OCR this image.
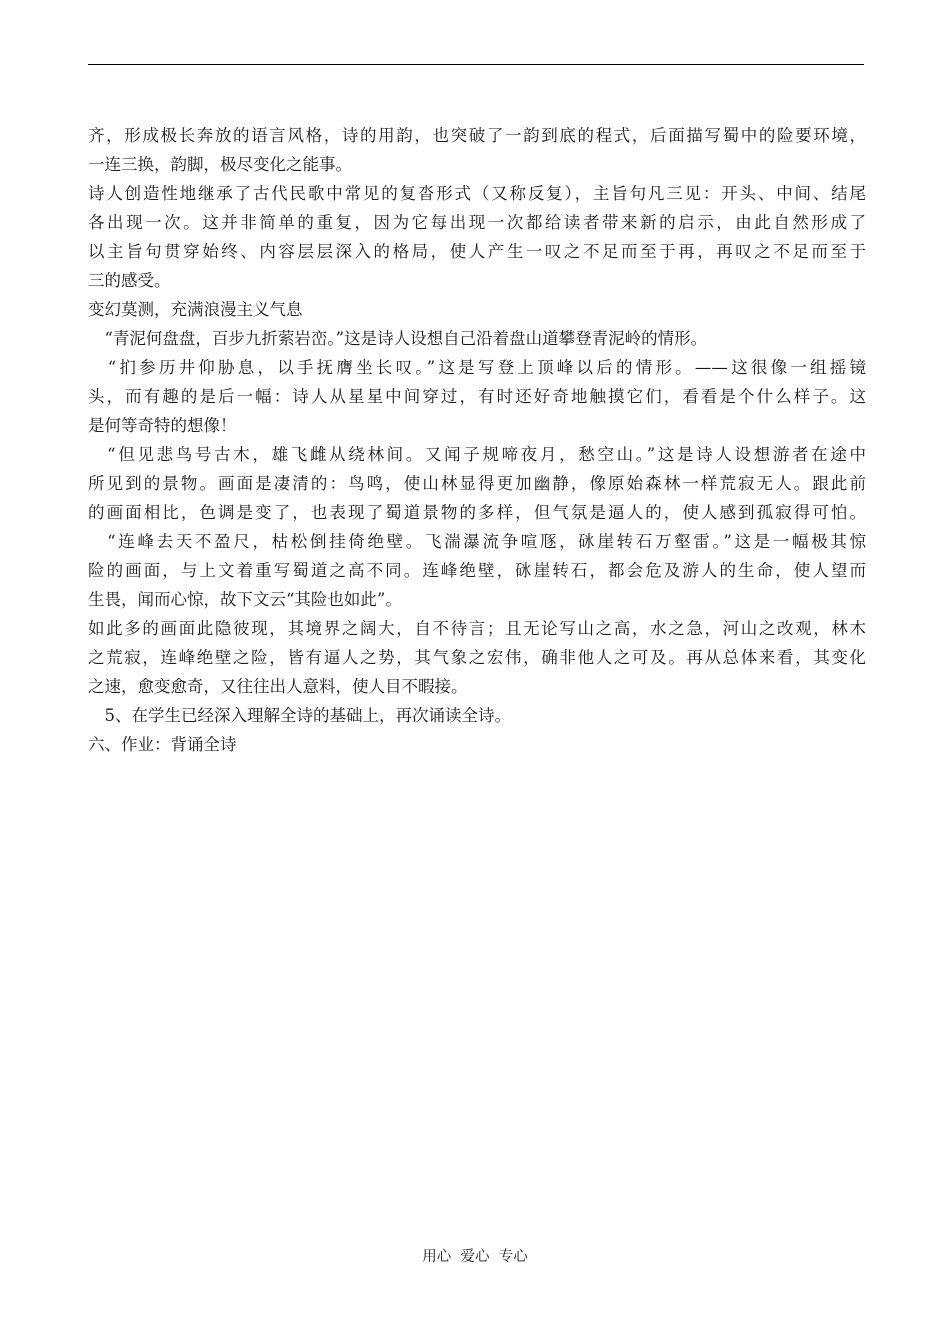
齐，形成极长奔放的语言风格，诗的用韵，也突破了一韵到底的程式，后面描写蜀中的险要环境，
一连三换，韵脚，极尽变化之能事。
诗人创造性地继承了古代民歌中常见的复沓形式（又称反复），主旨句凡三见：开头、中间、结尾
各出现一次。这并非简单的重复，因为它每出现一次都给读者带来新的启示，由此自然形成了
以主旨句贯穿始终、内容层层深入的格局，使人产生一叹之不足而至于再，再叹之不足而至于
三的感受。
变幻莫测，充满浪漫主义气息
　“青泥何盘盘，百步九折萦岩峦。”这是诗人设想自己沿着盘山道攀登青泥岭的情形。
　“扪参历井仰胁息，以手抚膺坐长叹。”这是写登上顶峰以后的情形。——这很像一组摇镜
头，而有趣的是后一幅：诗人从星星中间穿过，有时还好奇地触摸它们，看看是个什么样子。这
是何等奇特的想像！
　“但见悲鸟号古木，雄飞雌从绕林间。又闻子规啼夜月，愁空山。”这是诗人设想游者在途中
所见到的景物。画面是凄清的：鸟鸣，使山林显得更加幽静，像原始森林一样荒寂无人。跟此前
的画面相比，色调是变了，也表现了蜀道景物的多样，但气氛是逼人的，使人感到孤寂得可怕。
　“连峰去天不盈尺，枯松倒挂倚绝壁。飞湍瀑流争喧豗，砯崖转石万壑雷。”这是一幅极其惊
险的画面，与上文着重写蜀道之高不同。连峰绝壁，砯崖转石，都会危及游人的生命，使人望而
生畏，闻而心惊，故下文云“其险也如此”。
如此多的画面此隐彼现，其境界之阔大，自不待言；且无论写山之高，水之急，河山之改观，林木
之荒寂，连峰绝壁之险，皆有逼人之势，其气象之宏伟，确非他人之可及。再从总体来看，其变化
之速，愈变愈奇，又往往出人意料，使人目不暇接。
　5、在学生已经深入理解全诗的基础上，再次诵读全诗。
六、作业：背诵全诗
用心  爱心  专心
